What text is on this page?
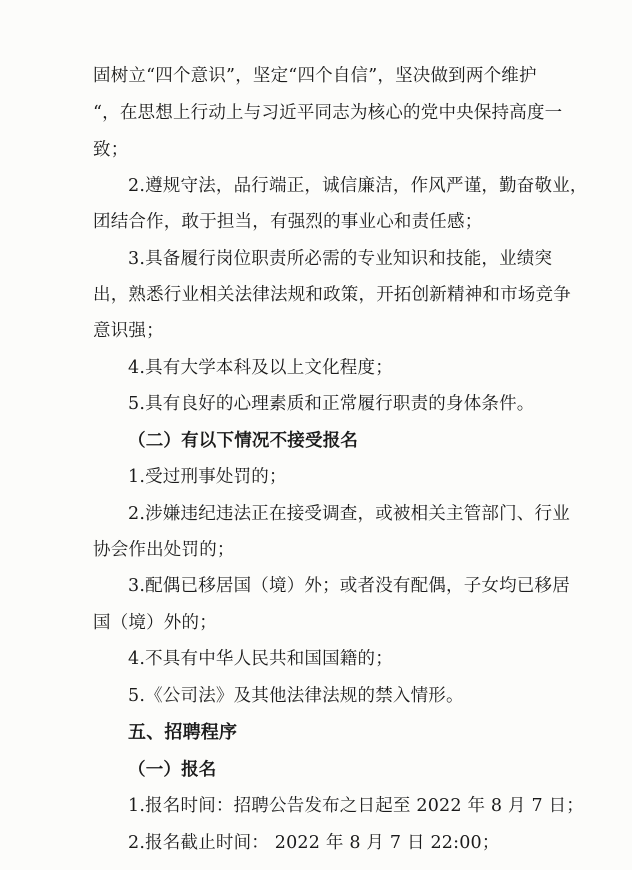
固树立“四个意识”，坚定“四个自信”，坚决做到两个维护
“，在思想上行动上与习近平同志为核心的党中央保持高度一
致；
2.遵规守法，品行端正，诚信廉洁，作风严谨，勤奋敬业，
团结合作，敢于担当，有强烈的事业心和责任感；
3.具备履行岗位职责所必需的专业知识和技能，业绩突
出，熟悉行业相关法律法规和政策，开拓创新精神和市场竞争
意识强；
4.具有大学本科及以上文化程度；
5.具有良好的心理素质和正常履行职责的身体条件。
（二）有以下情况不接受报名
1.受过刑事处罚的；
2.涉嫌违纪违法正在接受调查，或被相关主管部门、行业
协会作出处罚的；
3.配偶已移居国（境）外；或者没有配偶，子女均已移居
国（境）外的；
4.不具有中华人民共和国国籍的；
5.《公司法》及其他法律法规的禁入情形。
五、招聘程序
（一）报名
1.报名时间：招聘公告发布之日起至 2022 年 8 月 7 日；
2.报名截止时间： 2022 年 8 月 7 日 22:00；
